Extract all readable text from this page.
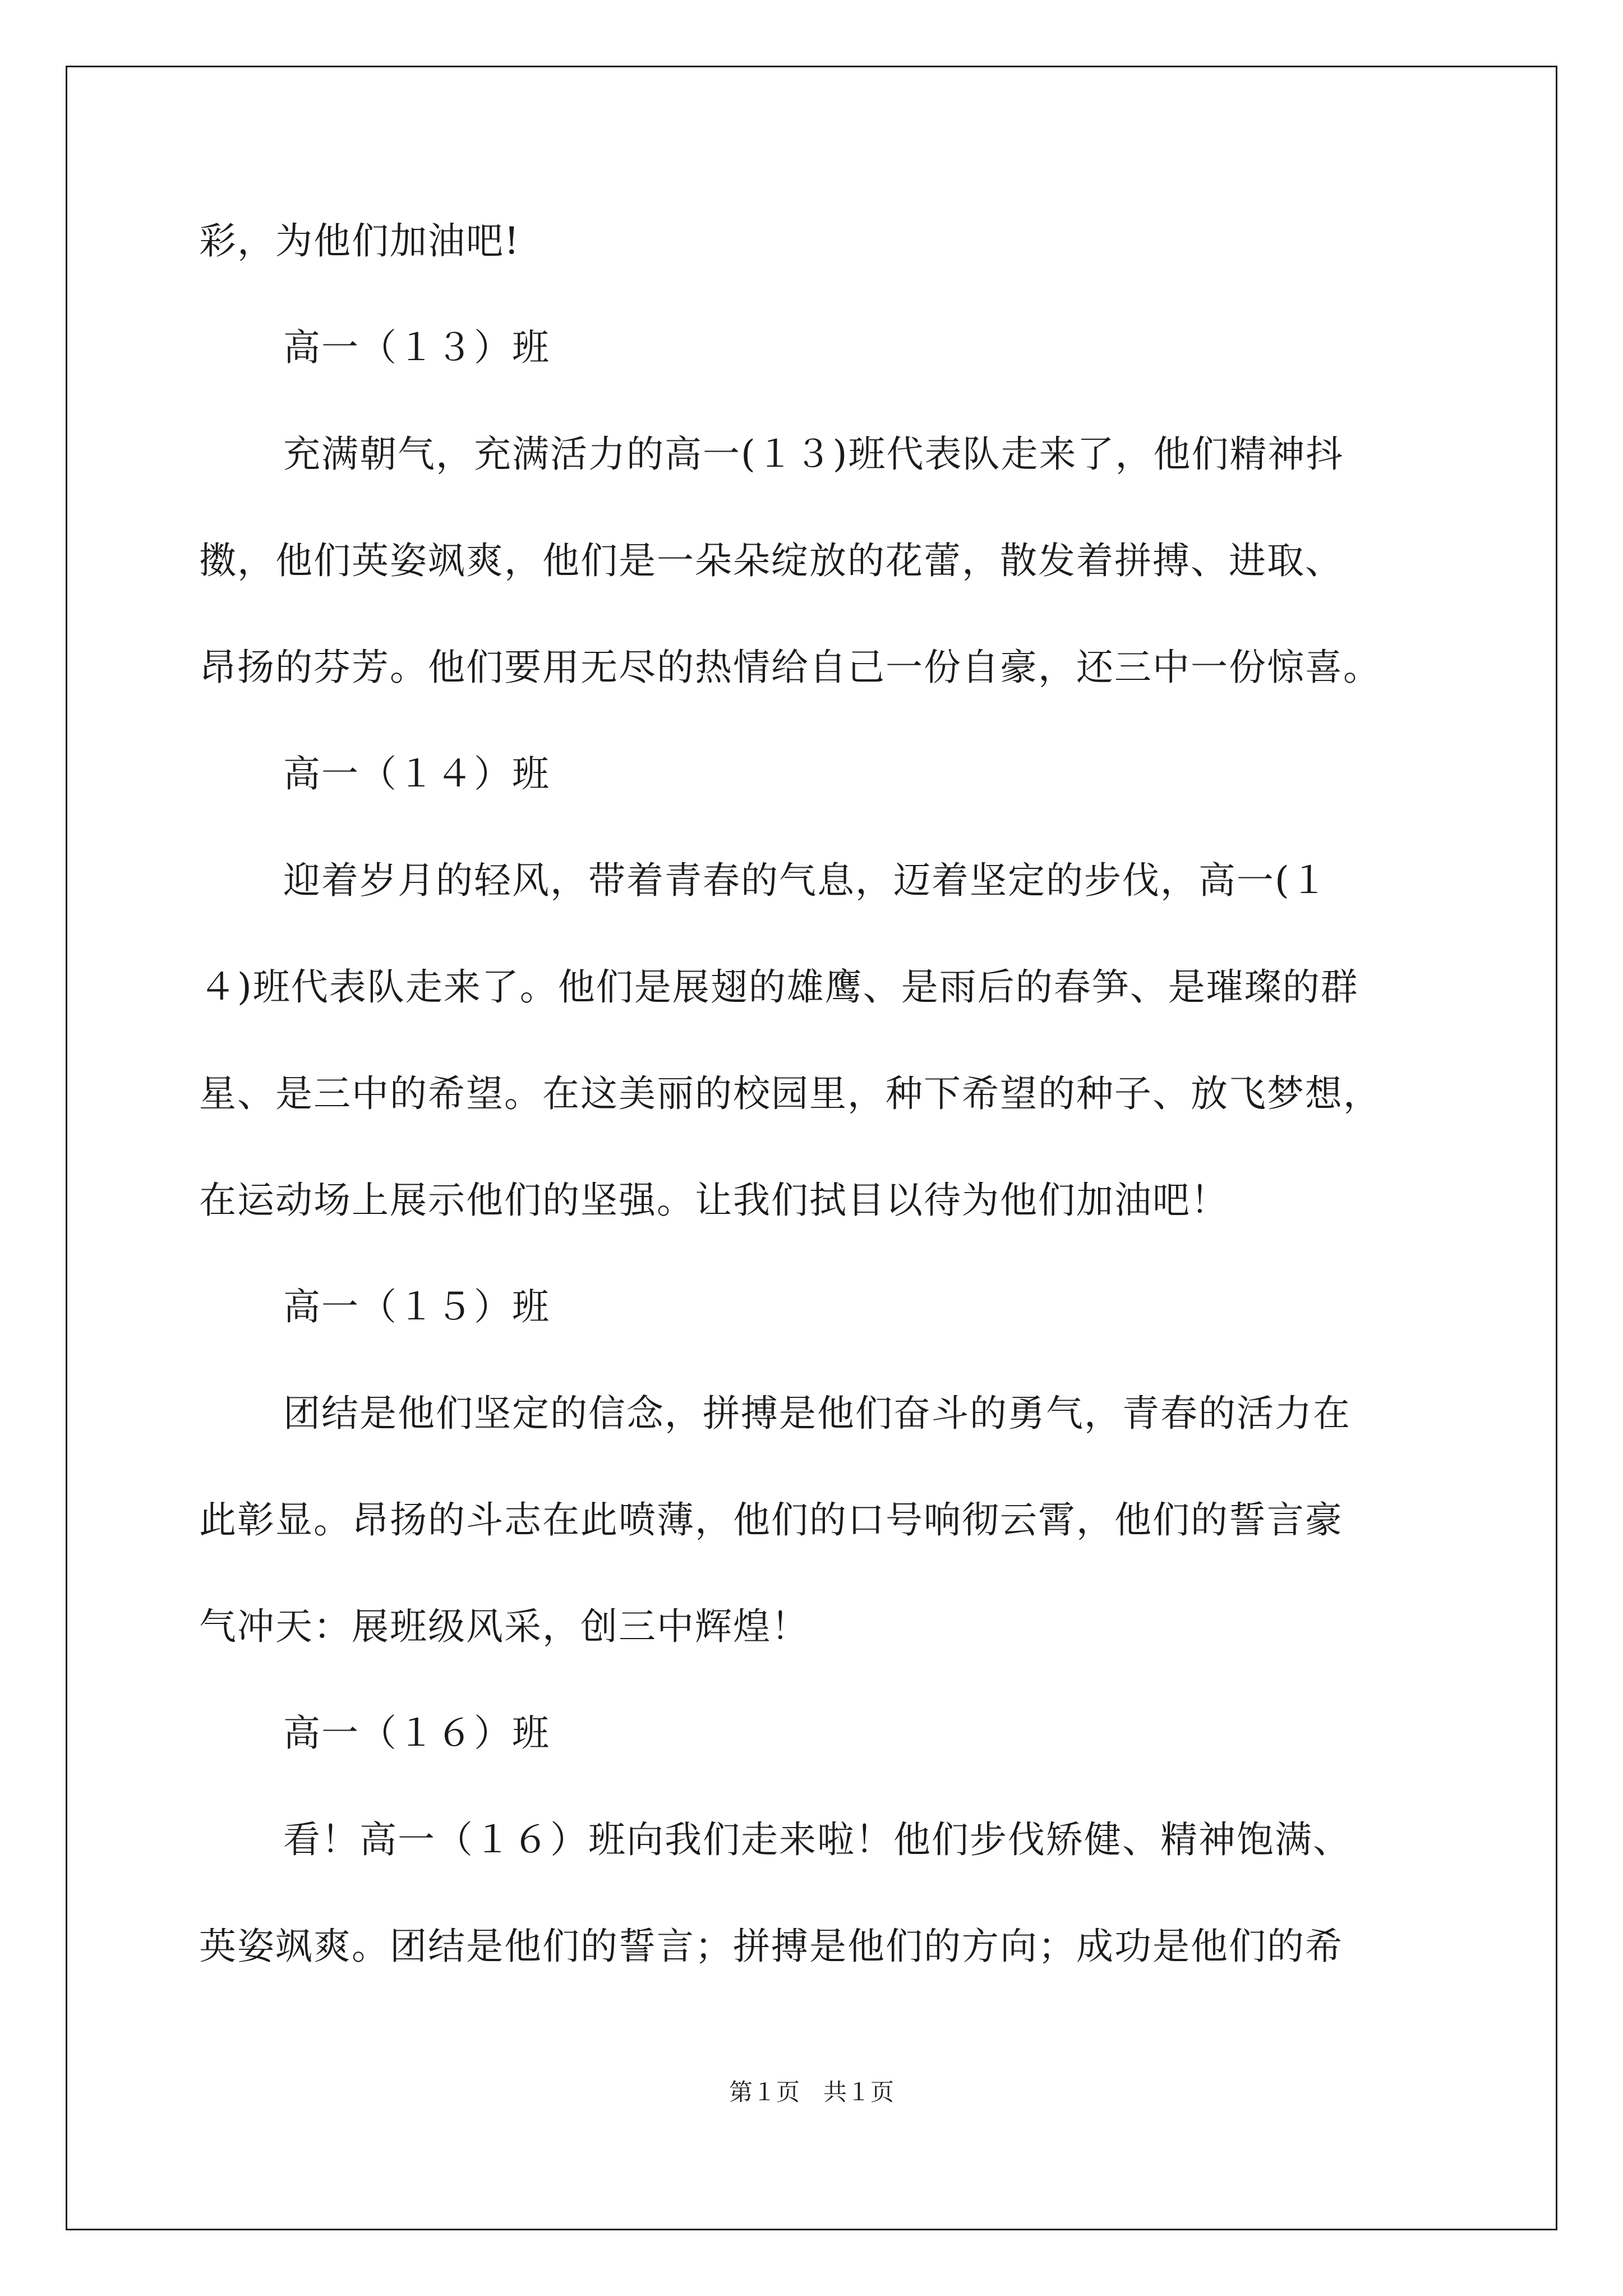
彩，为他们加油吧!
高一（１３）班
充满朝气，充满活力的高一(１３)班代表队走来了，他们精神抖
擞，他们英姿飒爽，他们是一朵朵绽放的花蕾，散发着拼搏、进取、
昂扬的芬芳。他们要用无尽的热情给自己一份自豪，还三中一份惊喜。
高一（１４）班
迎着岁月的轻风，带着青春的气息，迈着坚定的步伐，高一(１
４)班代表队走来了。他们是展翅的雄鹰、是雨后的春笋、是璀璨的群
星、是三中的希望。在这美丽的校园里，种下希望的种子、放飞梦想，
在运动场上展示他们的坚强。让我们拭目以待为他们加油吧！
高一（１５）班
团结是他们坚定的信念，拼搏是他们奋斗的勇气，青春的活力在
此彰显。昂扬的斗志在此喷薄，他们的口号响彻云霄，他们的誓言豪
气冲天：展班级风采，创三中辉煌！
高一（１６）班
看！高一（１６）班向我们走来啦！他们步伐矫健、精神饱满、
英姿飒爽。团结是他们的誓言；拼搏是他们的方向；成功是他们的希
第１页　共１页
